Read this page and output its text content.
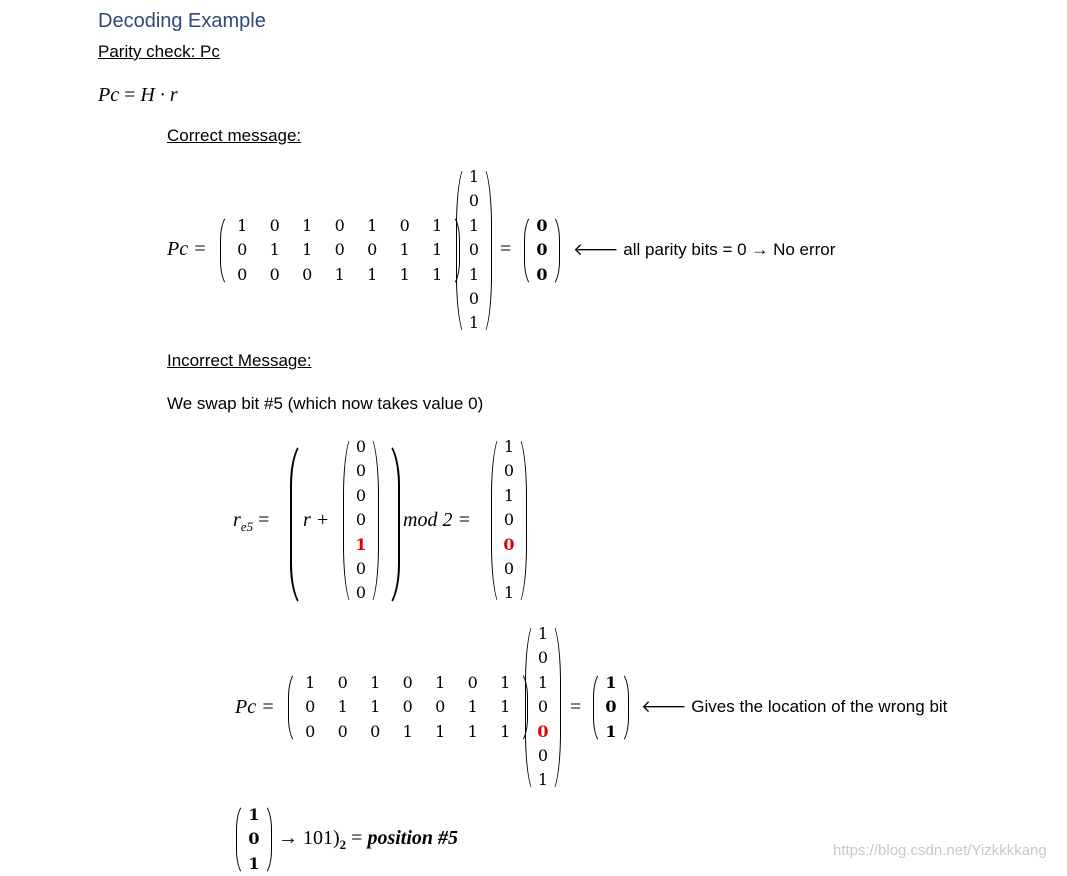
Decoding Example
Parity check: Pc
Pc = H · r
Correct message:
Pc =
1	0	1	0	1	0	1
0	1	1	0	0	1	1
0	0	0	1	1	1	1
1
0
1
0
1
0
1
=
0
0
0
🡐 all parity bits = 0 → No error
Incorrect Message:
We swap bit #5 (which now takes value 0)
$r_{e5} = r$ +
0
0
0
0
1
0
0
mod 2 =
1
0
1
0
0
0
1
Pc =
1	0	1	0	1	0	1
0	1	1	0	0	1	1
0	0	0	1	1	1	1
1
0
1
0
0
0
1
=
1
0
1
🡐 Gives the location of the wrong bit
1
0
1
→ $101)_2$ = position #5
https://blog.csdn.net/Yizkkkkang
